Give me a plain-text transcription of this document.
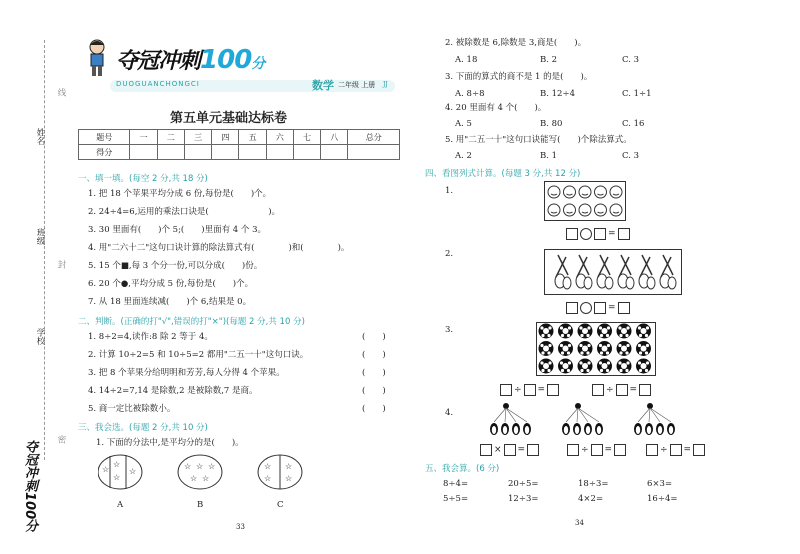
姓名
班级
学校
线
封
密
夺冠冲刺100分
夺冠冲刺100分
DUOGUANCHONGCI	数学 二年级 上册 JJ
第五单元基础达标卷
题号	一	二	三	四	五	六	七	八	总分
得分									
一、填一填。(每空 2 分,共 18 分)
1. 把 18 个苹果平均分成 6 份,每份是(　　)个。
2. 24÷4=6,运用的乘法口诀是(　　　　　　　)。
3. 30 里面有(　　)个 5;(　　)里面有 4 个 3。
4. 用"二六十二"这句口诀计算的除法算式有(　　　　)和(　　　　)。
5. 15 个■,每 3 个分一份,可以分成(　　)份。
6. 20 个●,平均分成 5 份,每份是(　　)个。
7. 从 18 里面连续减(　　)个 6,结果是 0。
二、判断。(正确的打"√",错误的打"×")(每题 2 分,共 10 分)
1. 8÷2=4,读作:8 除 2 等于 4。
2. 计算 10÷2=5 和 10÷5=2 都用"二五一十"这句口诀。
3. 把 8 个苹果分给明明和芳芳,每人分得 4 个苹果。
4. 14÷2=7,14 是除数,2 是被除数,7 是商。
5. 商一定比被除数小。
(　　)
(　　)
(　　)
(　　)
(　　)
三、我会选。(每题 2 分,共 10 分)
1. 下面的分法中,是平均分的是(　　)。
☆
☆
☆
☆
☆ ☆ ☆
☆ ☆
☆
☆
☆
☆
A	B	C
33
2. 被除数是 6,除数是 3,商是(　　)。
A. 18	B. 2	C. 3
3. 下面的算式的商不是 1 的是(　　)。
A. 8÷8	B. 12÷4	C. 1÷1
4. 20 里面有 4 个(　　)。
A. 5	B. 80	C. 16
5. 用"二五一十"这句口诀能写(　　)个除法算式。
A. 2	B. 1	C. 3
四、看图列式计算。(每题 3 分,共 12 分)
1.
=
2.
=
3.
÷ =	÷ =
4.
× =	÷ =	÷ =
五、我会算。(6 分)
8÷4=	20÷5=	18÷3=	6×3=
5÷5=	12÷3=	4×2=	16÷4=
34
